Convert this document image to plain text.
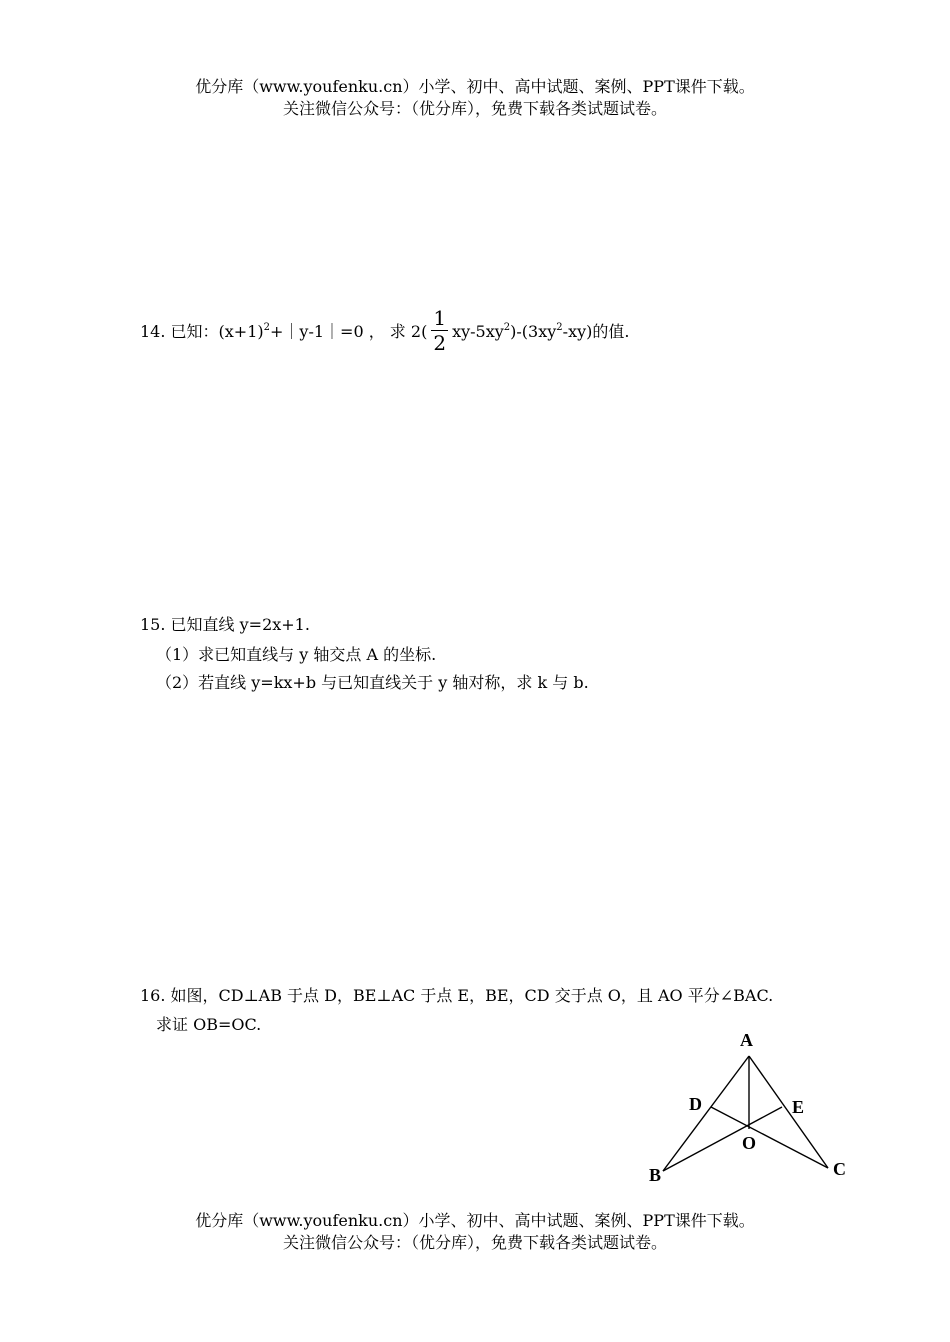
优分库（www.youfenku.cn）小学、初中、高中试题、案例、PPT课件下载。
关注微信公众号：（优分库），免费下载各类试题试卷。
14. 已知：$(x+1)^2+|y-1|=0$ ， 求 $2( \frac{1}{2} xy-5xy^2)-(3xy^2-xy)$的值.
15. 已知直线 y=2x+1.
（1）求已知直线与 y 轴交点 A 的坐标.
（2）若直线 y=kx+b 与已知直线关于 y 轴对称，求 k 与 b.
16. 如图，CD⊥AB 于点 D，BE⊥AC 于点 E，BE，CD 交于点 O，且 AO 平分∠BAC.
求证 OB=OC.
A
D	E
O
B	C
优分库（www.youfenku.cn）小学、初中、高中试题、案例、PPT课件下载。
关注微信公众号：（优分库），免费下载各类试题试卷。
